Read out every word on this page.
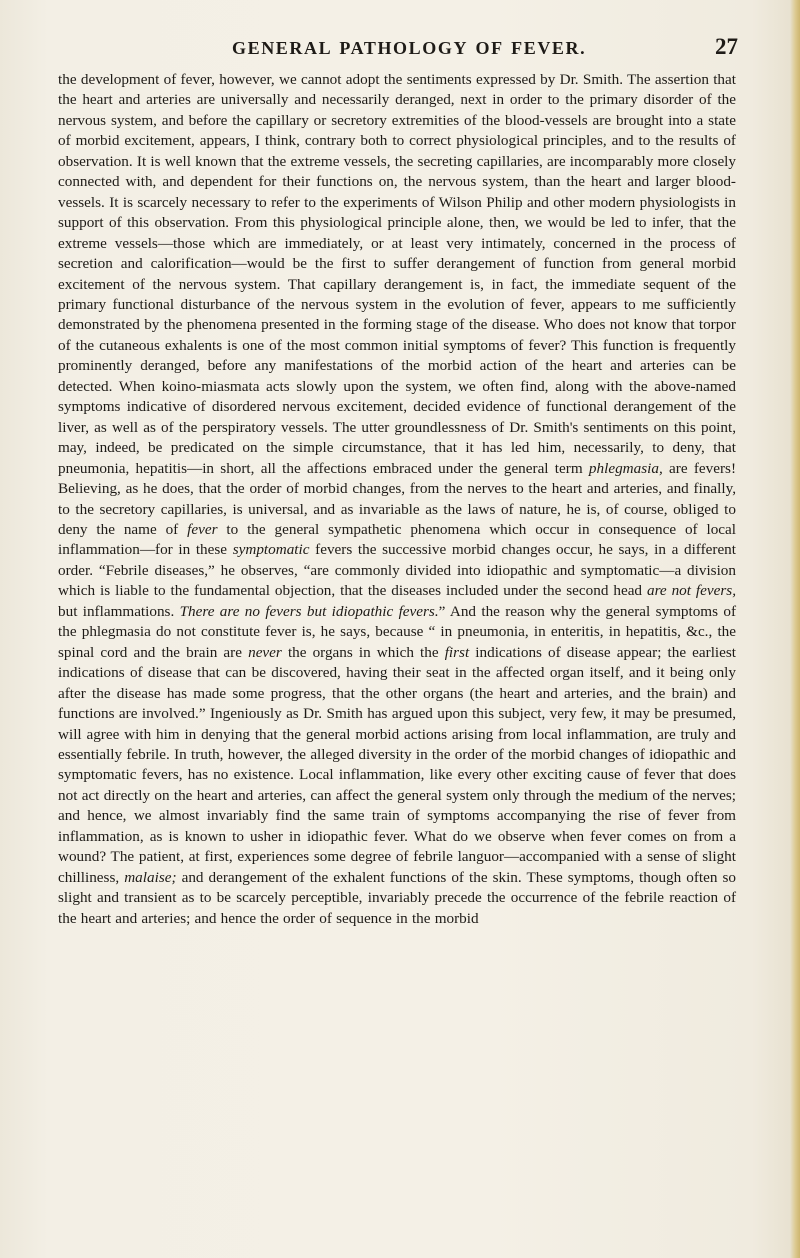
GENERAL PATHOLOGY OF FEVER.	27

the development of fever, however, we cannot adopt the sentiments expressed by Dr. Smith. The assertion that the heart and arteries are universally and necessarily deranged, next in order to the primary disorder of the nervous system, and before the capillary or secretory extremities of the blood-vessels are brought into a state of morbid excitement, appears, I think, contrary both to correct physiological principles, and to the results of observation. It is well known that the extreme vessels, the secreting capillaries, are incomparably more closely connected with, and dependent for their functions on, the nervous system, than the heart and larger blood-vessels. It is scarcely necessary to refer to the experiments of Wilson Philip and other modern physiologists in support of this observation. From this physiological principle alone, then, we would be led to infer, that the extreme vessels—those which are immediately, or at least very intimately, concerned in the process of secretion and calorification—would be the first to suffer derangement of function from general morbid excitement of the nervous system. That capillary derangement is, in fact, the immediate sequent of the primary functional disturbance of the nervous system in the evolution of fever, appears to me sufficiently demonstrated by the phenomena presented in the forming stage of the disease. Who does not know that torpor of the cutaneous exhalents is one of the most common initial symptoms of fever? This function is frequently prominently deranged, before any manifestations of the morbid action of the heart and arteries can be detected. When koino-miasmata acts slowly upon the system, we often find, along with the above-named symptoms indicative of disordered nervous excitement, decided evidence of functional derangement of the liver, as well as of the perspiratory vessels. The utter groundlessness of Dr. Smith's sentiments on this point, may, indeed, be predicated on the simple circumstance, that it has led him, necessarily, to deny, that pneumonia, hepatitis—in short, all the affections embraced under the general term phlegmasia, are fevers! Believing, as he does, that the order of morbid changes, from the nerves to the heart and arteries, and finally, to the secretory capillaries, is universal, and as invariable as the laws of nature, he is, of course, obliged to deny the name of fever to the general sympathetic phenomena which occur in consequence of local inflammation—for in these symptomatic fevers the successive morbid changes occur, he says, in a different order. “Febrile diseases,” he observes, “are commonly divided into idiopathic and symptomatic—a division which is liable to the fundamental objection, that the diseases included under the second head are not fevers, but inflammations. There are no fevers but idiopathic fevers.” And the reason why the general symptoms of the phlegmasia do not constitute fever is, he says, because “ in pneumonia, in enteritis, in hepatitis, &c., the spinal cord and the brain are never the organs in which the first indications of disease appear; the earliest indications of disease that can be discovered, having their seat in the affected organ itself, and it being only after the disease has made some progress, that the other organs (the heart and arteries, and the brain) and functions are involved.” Ingeniously as Dr. Smith has argued upon this subject, very few, it may be presumed, will agree with him in denying that the general morbid actions arising from local inflammation, are truly and essentially febrile. In truth, however, the alleged diversity in the order of the morbid changes of idiopathic and symptomatic fevers, has no existence. Local inflammation, like every other exciting cause of fever that does not act directly on the heart and arteries, can affect the general system only through the medium of the nerves; and hence, we almost invariably find the same train of symptoms accompanying the rise of fever from inflammation, as is known to usher in idiopathic fever. What do we observe when fever comes on from a wound? The patient, at first, experiences some degree of febrile languor—accompanied with a sense of slight chilliness, malaise; and derangement of the exhalent functions of the skin. These symptoms, though often so slight and transient as to be scarcely perceptible, invariably precede the occurrence of the febrile reaction of the heart and arteries; and hence the order of sequence in the morbid
